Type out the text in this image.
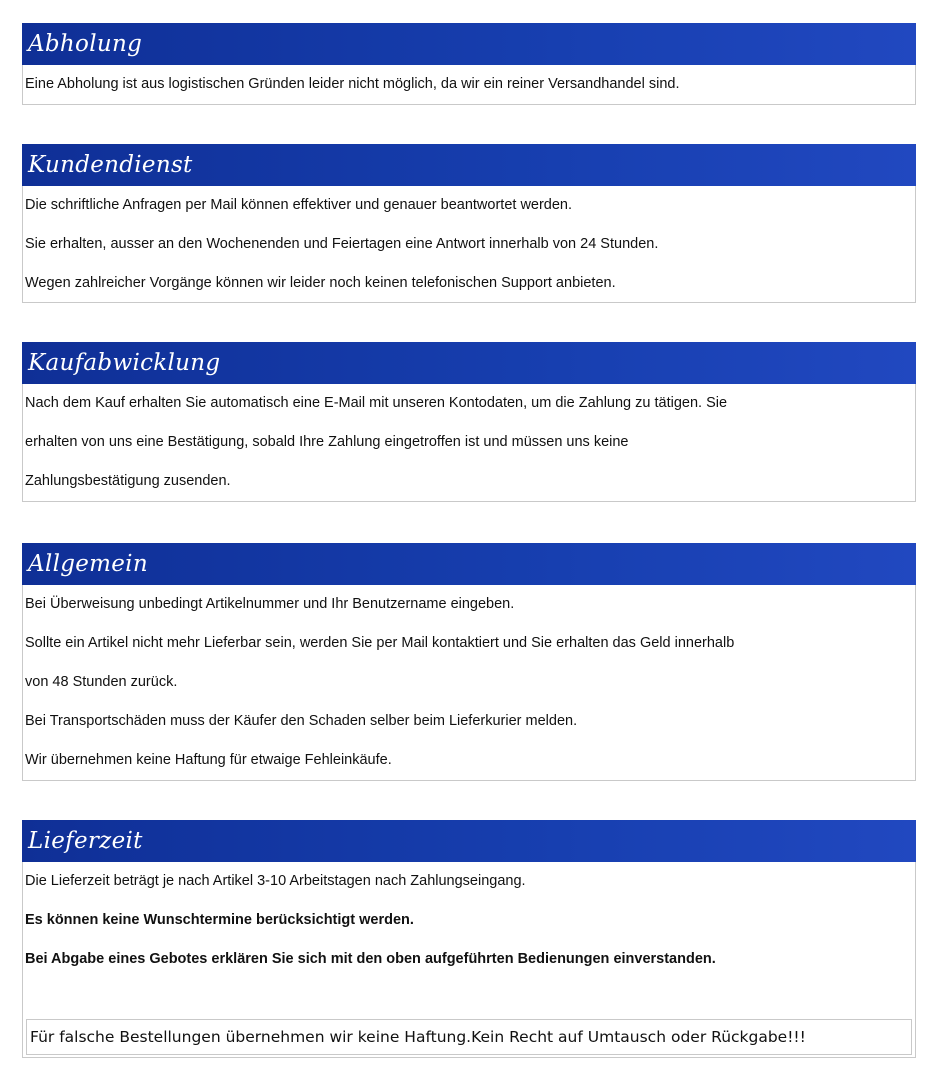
Abholung
Eine Abholung ist aus logistischen Gründen leider nicht möglich, da wir ein reiner Versandhandel sind.
Kundendienst
Die schriftliche Anfragen per Mail können effektiver und genauer beantwortet werden.
Sie erhalten, ausser an den Wochenenden und Feiertagen eine Antwort innerhalb von 24 Stunden.
Wegen zahlreicher Vorgänge können wir leider noch keinen telefonischen Support anbieten.
Kaufabwicklung
Nach dem Kauf erhalten Sie automatisch eine E-Mail mit unseren Kontodaten, um die Zahlung zu tätigen. Sie
erhalten von uns eine Bestätigung, sobald Ihre Zahlung eingetroffen ist und müssen uns keine
Zahlungsbestätigung zusenden.
Allgemein
Bei Überweisung unbedingt Artikelnummer und Ihr Benutzername eingeben.
Sollte ein Artikel nicht mehr Lieferbar sein, werden Sie per Mail kontaktiert und Sie erhalten das Geld innerhalb
von 48 Stunden zurück.
Bei Transportschäden muss der Käufer den Schaden selber beim Lieferkurier melden.
Wir übernehmen keine Haftung für etwaige Fehleinkäufe.
Lieferzeit
Die Lieferzeit beträgt je nach Artikel 3-10 Arbeitstagen nach Zahlungseingang.
Es können keine Wunschtermine berücksichtigt werden.
Bei Abgabe eines Gebotes erklären Sie sich mit den oben aufgeführten Bedienungen einverstanden.
Für falsche Bestellungen übernehmen wir keine Haftung.Kein Recht auf Umtausch oder Rückgabe!!!
